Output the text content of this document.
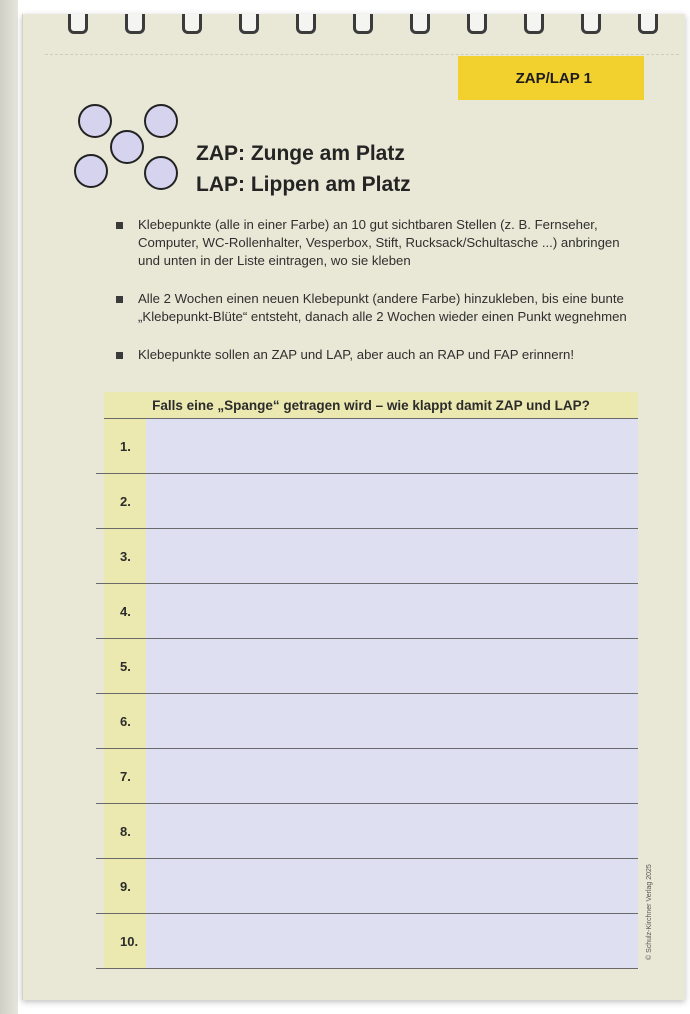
ZAP/LAP 1
ZAP: Zunge am Platz
LAP: Lippen am Platz
Klebepunkte (alle in einer Farbe) an 10 gut sichtbaren Stellen (z. B. Fernseher, Computer, WC-Rollenhalter, Vesperbox, Stift, Rucksack/Schultasche ...) anbringen und unten in der Liste eintragen, wo sie kleben
Alle 2 Wochen einen neuen Klebepunkt (andere Farbe) hinzukleben, bis eine bunte „Klebepunkt-Blüte“ entsteht, danach alle 2 Wochen wieder einen Punkt wegnehmen
Klebepunkte sollen an ZAP und LAP, aber auch an RAP und FAP erinnern!
Falls eine „Spange“ getragen wird – wie klappt damit ZAP und LAP?
1.
2.
3.
4.
5.
6.
7.
8.
9.
10.	© Schulz-Kirchner Verlag 2025
